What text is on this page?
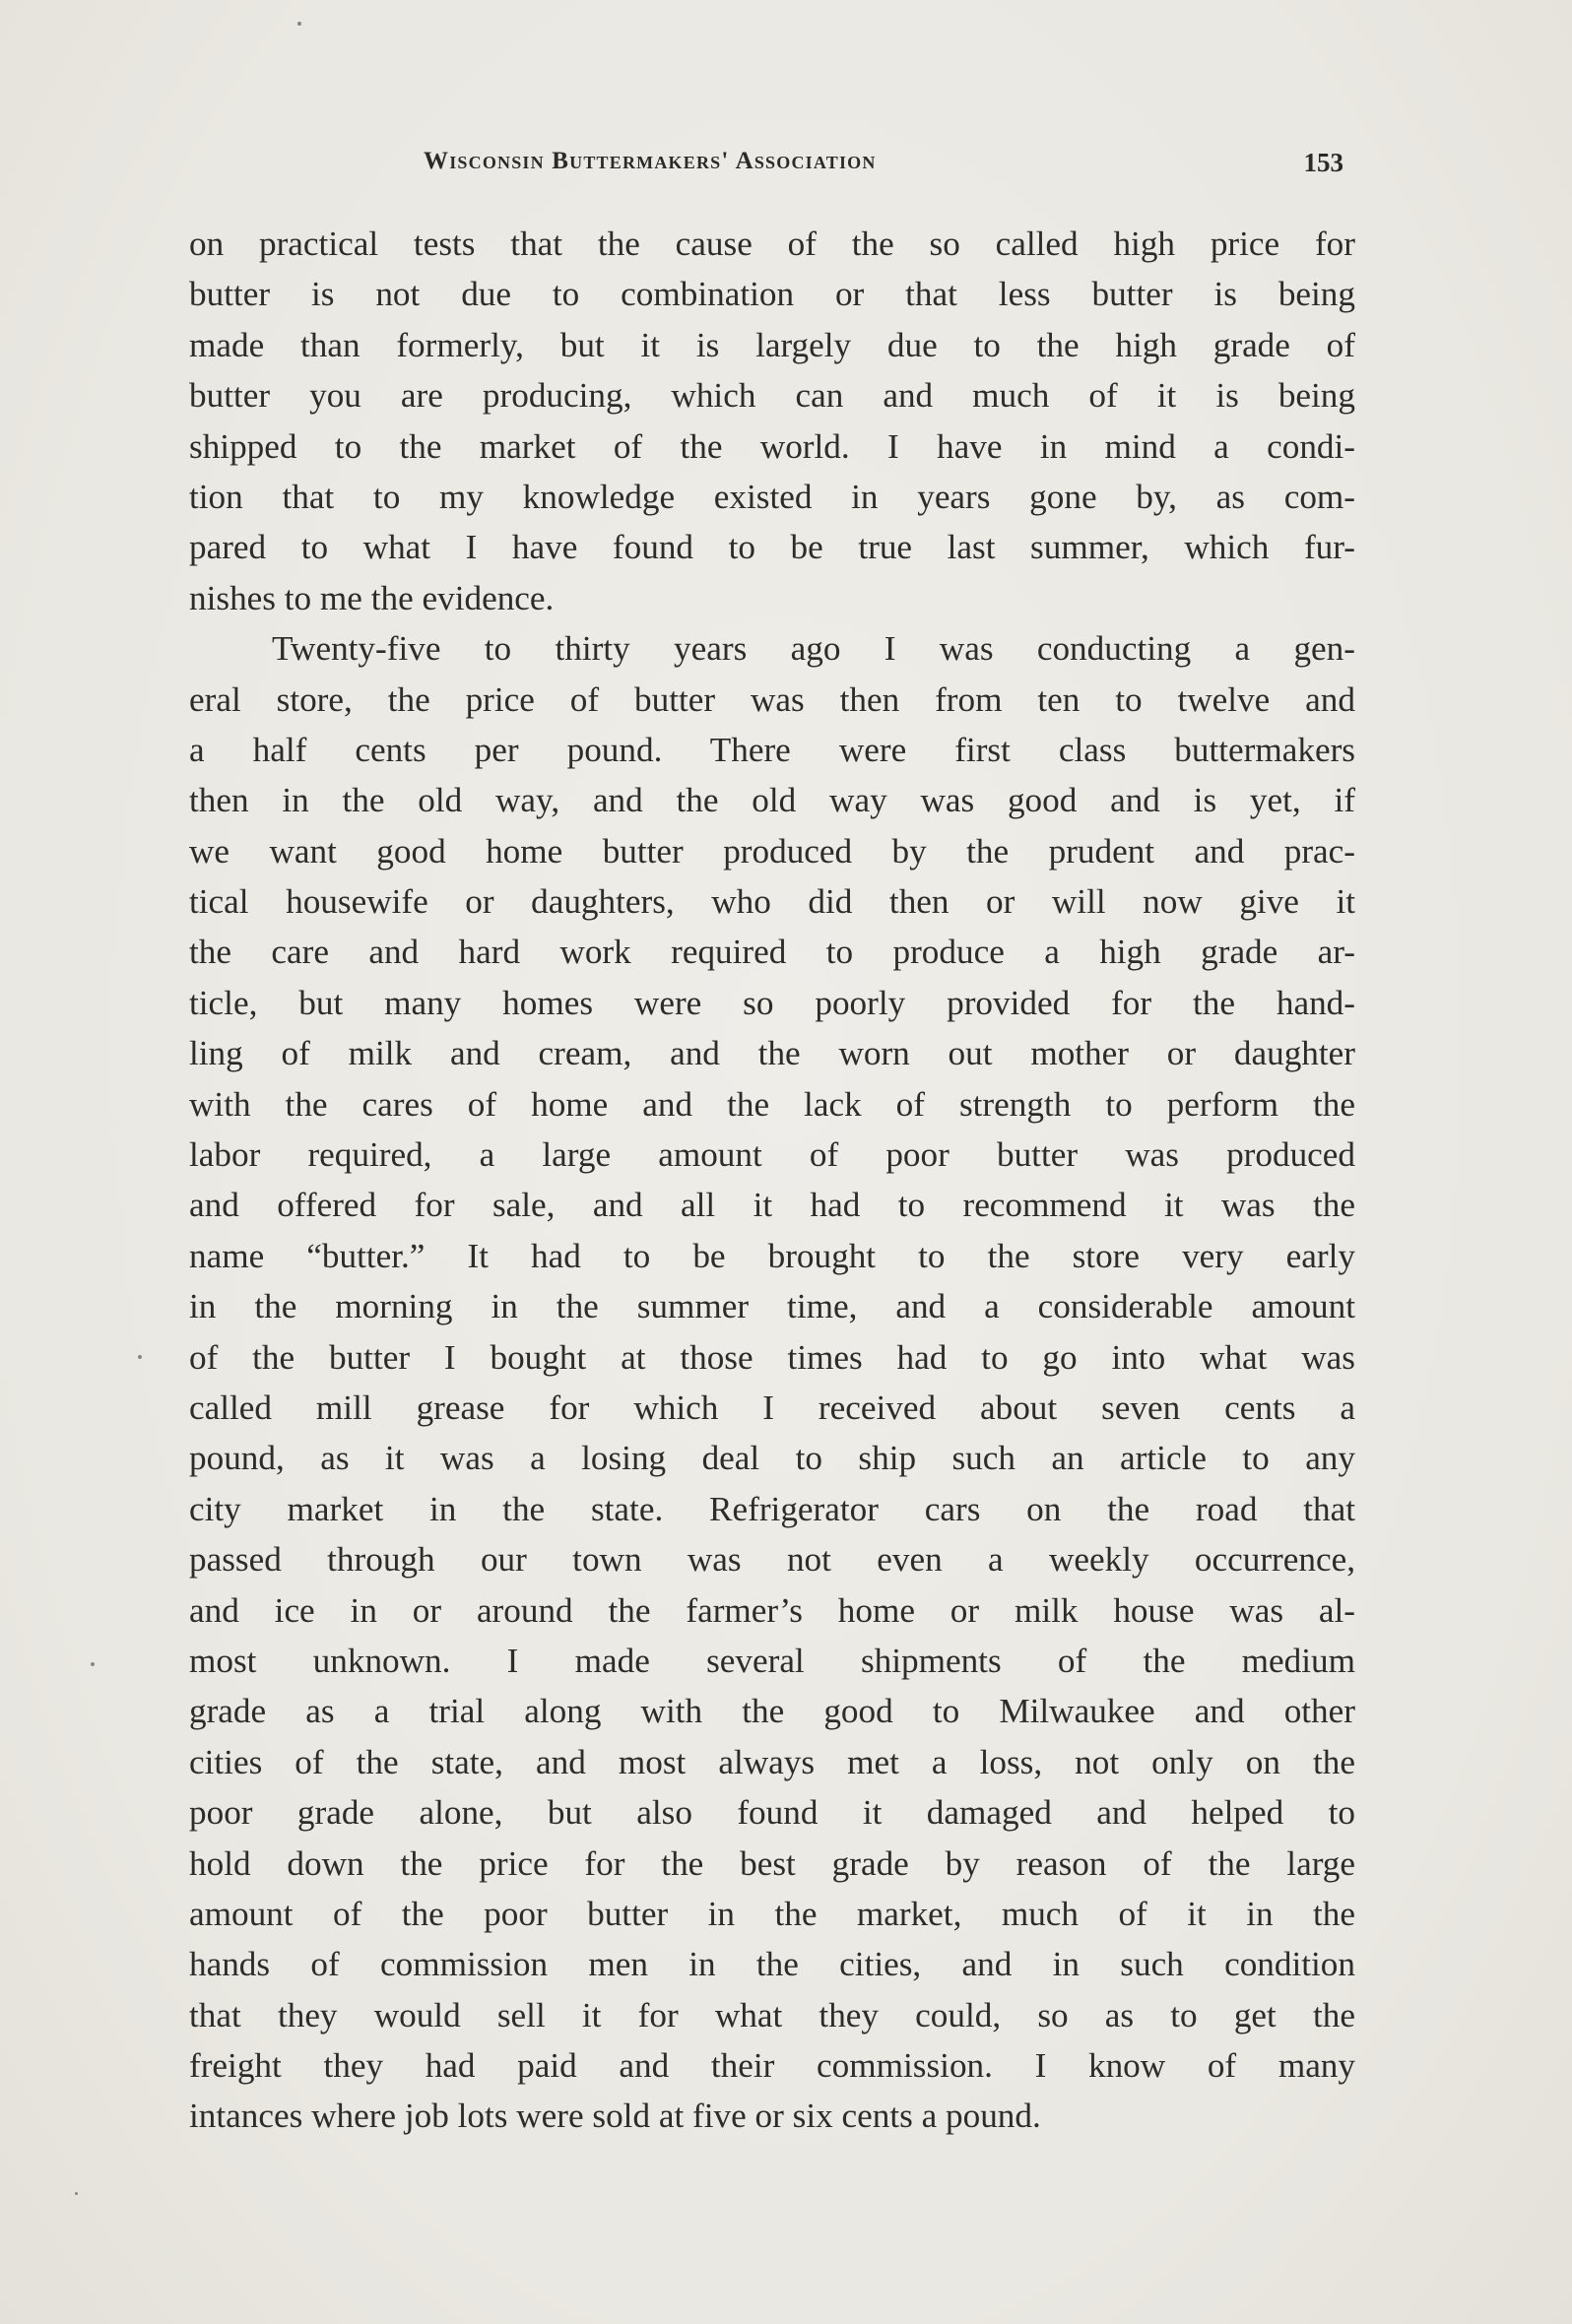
Wisconsin Buttermakers' Association	153
on practical tests that the cause of the so called high price for
butter is not due to combination or that less butter is being
made than formerly, but it is largely due to the high grade of
butter you are producing, which can and much of it is being
shipped to the market of the world. I have in mind a condi-
tion that to my knowledge existed in years gone by, as com-
pared to what I have found to be true last summer, which fur-
nishes to me the evidence.
Twenty-five to thirty years ago I was conducting a gen-
eral store, the price of butter was then from ten to twelve and
a half cents per pound. There were first class buttermakers
then in the old way, and the old way was good and is yet, if
we want good home butter produced by the prudent and prac-
tical housewife or daughters, who did then or will now give it
the care and hard work required to produce a high grade ar-
ticle, but many homes were so poorly provided for the hand-
ling of milk and cream, and the worn out mother or daughter
with the cares of home and the lack of strength to perform the
labor required, a large amount of poor butter was produced
and offered for sale, and all it had to recommend it was the
name “butter.” It had to be brought to the store very early
in the morning in the summer time, and a considerable amount
of the butter I bought at those times had to go into what was
called mill grease for which I received about seven cents a
pound, as it was a losing deal to ship such an article to any
city market in the state. Refrigerator cars on the road that
passed through our town was not even a weekly occurrence,
and ice in or around the farmer’s home or milk house was al-
most unknown. I made several shipments of the medium
grade as a trial along with the good to Milwaukee and other
cities of the state, and most always met a loss, not only on the
poor grade alone, but also found it damaged and helped to
hold down the price for the best grade by reason of the large
amount of the poor butter in the market, much of it in the
hands of commission men in the cities, and in such condition
that they would sell it for what they could, so as to get the
freight they had paid and their commission. I know of many
intances where job lots were sold at five or six cents a pound.
